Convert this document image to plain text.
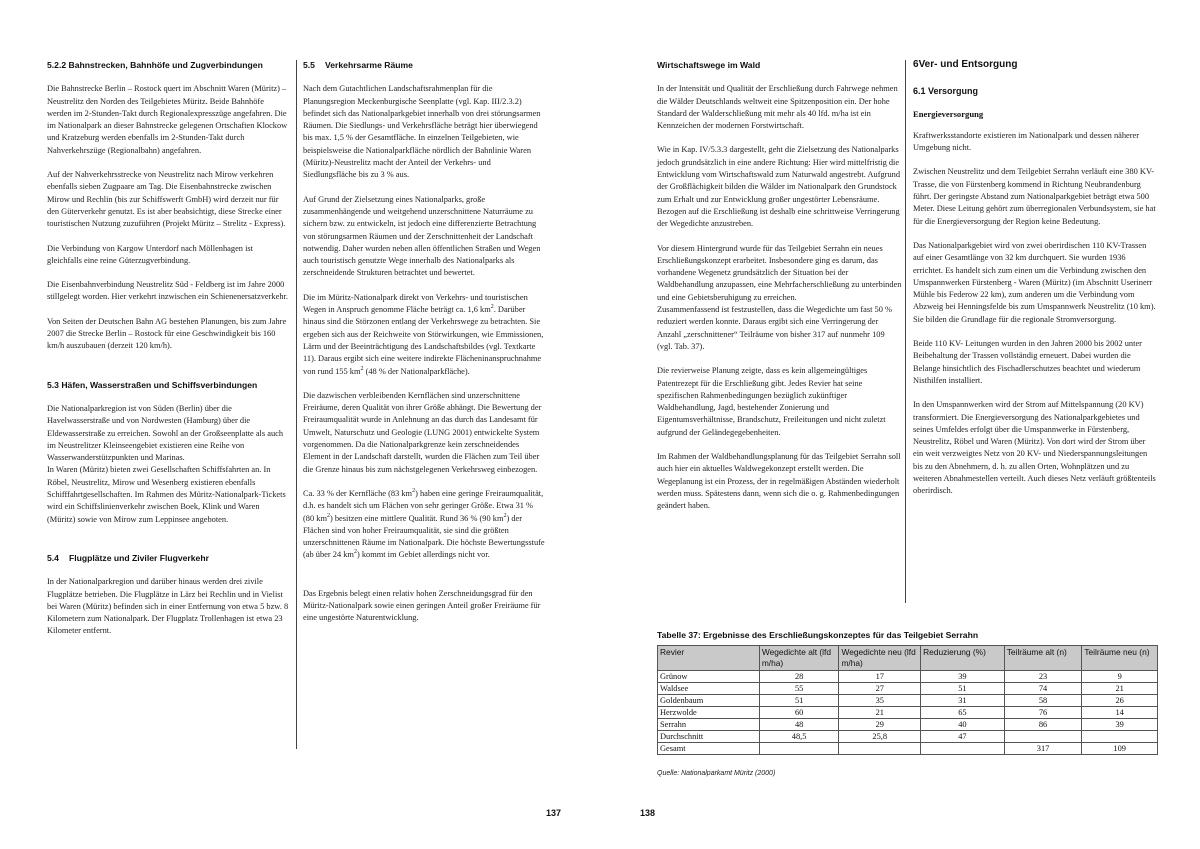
5.2.2 Bahnstrecken, Bahnhöfe und Zugverbindungen
Die Bahnstrecke Berlin – Rostock quert im Abschnitt Waren (Müritz) – Neustrelitz den Norden des Teilgebietes Müritz. Beide Bahnhöfe werden im 2-Stunden-Takt durch Regionalexpresszüge angefahren. Die im Nationalpark an dieser Bahnstrecke gelegenen Ortschaften Klockow und Kratzeburg werden ebenfalls im 2-Stunden-Takt durch Nahverkehrszüge (Regionalbahn) angefahren.
Auf der Nahverkehrsstrecke von Neustrelitz nach Mirow verkehren ebenfalls sieben Zugpaare am Tag. Die Eisenbahnstrecke zwischen Mirow und Rechlin (bis zur Schiffswerft GmbH) wird derzeit nur für den Güterverkehr genutzt. Es ist aber beabsichtigt, diese Strecke einer touristischen Nutzung zuzuführen (Projekt Müritz – Strelitz - Express).
Die Verbindung von Kargow Unterdorf nach Möllenhagen ist gleichfalls eine reine Güterzugverbindung.
Die Eisenbahnverbindung Neustrelitz Süd - Feldberg ist im Jahre 2000 stillgelegt worden. Hier verkehrt inzwischen ein Schienenersatzverkehr.
Von Seiten der Deutschen Bahn AG bestehen Planungen, bis zum Jahre 2007 die Strecke Berlin – Rostock für eine Geschwindigkeit bis 160 km/h auszubauen (derzeit 120 km/h).
5.3 Häfen, Wasserstraßen und Schiffsverbindungen
Die Nationalparkregion ist von Süden (Berlin) über die Havelwasserstraße und von Nordwesten (Hamburg) über die Eldewasserstraße zu erreichen. Sowohl an der Großseenplatte als auch im Neustrelitzer Kleinseengebiet existieren eine Reihe von Wasserwanderstützpunkten und Marinas.
In Waren (Müritz) bieten zwei Gesellschaften Schiffsfahrten an. In Röbel, Neustrelitz, Mirow und Wesenberg existieren ebenfalls Schifffahrtgesellschaften. Im Rahmen des Müritz-Nationalpark-Tickets wird ein Schiffslinienverkehr zwischen Boek, Klink und Waren (Müritz) sowie von Mirow zum Leppinsee angeboten.
5.4 Flugplätze und Ziviler Flugverkehr
In der Nationalparkregion und darüber hinaus werden drei zivile Flugplätze betrieben. Die Flugplätze in Lärz bei Rechlin und in Vielist bei Waren (Müritz) befinden sich in einer Entfernung von etwa 5 bzw. 8 Kilometern zum Nationalpark. Der Flugplatz Trollenhagen ist etwa 23 Kilometer entfernt.
5.5 Verkehrsarme Räume
Nach dem Gutachtlichen Landschaftsrahmenplan für die Planungsregion Meckenburgische Seenplatte (vgl. Kap. III/2.3.2) befindet sich das Nationalparkgebiet innerhalb von drei störungsarmen Räumen. Die Siedlungs- und Verkehrsfläche beträgt hier überwiegend bis max. 1,5 % der Gesamtfläche. In einzelnen Teilgebieten, wie beispielsweise die Nationalparkfläche nördlich der Bahnlinie Waren (Müritz)-Neustrelitz macht der Anteil der Verkehrs- und Siedlungsfläche bis zu 3 % aus.
Auf Grund der Zielsetzung eines Nationalparks, große zusammenhängende und weitgehend unzerschnittene Naturräume zu sichern bzw. zu entwickeln, ist jedoch eine differenzierte Betrachtung von störungsarmen Räumen und der Zerschnittenheit der Landschaft notwendig. Daher wurden neben allen öffentlichen Straßen und Wegen auch touristisch genutzte Wege innerhalb des Nationalparks als zerschneidende Strukturen betrachtet und bewertet.
Die im Müritz-Nationalpark direkt von Verkehrs- und touristischen Wegen in Anspruch genomme Fläche beträgt ca. 1,6 $km^2$. Darüber hinaus sind die Störzonen entlang der Verkehrswege zu betrachten. Sie ergeben sich aus der Reichweite von Störwirkungen, wie Emmissionen, Lärm und der Beeinträchtigung des Landschaftsbildes (vgl. Textkarte 11). Daraus ergibt sich eine weitere indirekte Flächeninanspruchnahme von rund 155 $km^2$ (48 % der Nationalparkfläche).
Die dazwischen verbleibenden Kernflächen sind unzerschnittene Freiräume, deren Qualität von ihrer Größe abhängt. Die Bewertung der Freiraumqualität wurde in Anlehnung an das durch das Landesamt für Umwelt, Naturschutz und Geologie (LUNG 2001) entwickelte System vorgenommen. Da die Nationalparkgrenze kein zerschneidendes Element in der Landschaft darstellt, wurden die Flächen zum Teil über die Grenze hinaus bis zum nächstgelegenen Verkehrsweg einbezogen.
Ca. 33 % der Kernfläche (83 $km^2$) haben eine geringe Freiraumqualität, d.h. es handelt sich um Flächen von sehr geringer Größe. Etwa 31 % (80 $km^2$) besitzen eine mittlere Qualität. Rund 36 % (90 $km^2$) der Flächen sind von hoher Freiraumqualität, sie sind die größten unzerschnittenen Räume im Nationalpark. Die höchste Bewertungsstufe (ab über 24 $km^2$) kommt im Gebiet allerdings nicht vor.
Das Ergebnis belegt einen relativ hohen Zerschneidungsgrad für den Müritz-Nationalpark sowie einen geringen Anteil großer Freiräume für eine ungestörte Naturentwicklung.
137
Wirtschaftswege im Wald
In der Intensität und Qualität der Erschließung durch Fahrwege nehmen die Wälder Deutschlands weltweit eine Spitzenposition ein. Der hohe Standard der Walderschließung mit mehr als 40 lfd. m/ha ist ein Kennzeichen der modernen Forstwirtschaft.
Wie in Kap. IV/5.3.3 dargestellt, geht die Zielsetzung des Nationalparks jedoch grundsätzlich in eine andere Richtung: Hier wird mittelfristig die Entwicklung vom Wirtschaftswald zum Naturwald angestrebt. Aufgrund der Großflächigkeit bilden die Wälder im Nationalpark den Grundstock zum Erhalt und zur Entwicklung großer ungestörter Lebensräume. Bezogen auf die Erschließung ist deshalb eine schrittweise Verringerung der Wegedichte anzustreben.
Vor diesem Hintergrund wurde für das Teilgebiet Serrahn ein neues Erschließungskonzept erarbeitet. Insbesondere ging es darum, das vorhandene Wegenetz grundsätzlich der Situation bei der Waldbehandlung anzupassen, eine Mehrfacherschließung zu unterbinden und eine Gebietsberuhigung zu erreichen.
Zusammenfassend ist festzustellen, dass die Wegedichte um fast 50 % reduziert werden konnte. Daraus ergibt sich eine Verringerung der Anzahl „zerschnittener“ Teilräume von bisher 317 auf nunmehr 109 (vgl. Tab. 37).
Die revierweise Planung zeigte, dass es kein allgemeingültiges Patentrezept für die Erschließung gibt. Jedes Revier hat seine spezifischen Rahmenbedingungen bezüglich zukünftiger Waldbehandlung, Jagd, bestehender Zonierung und Eigentumsverhältnisse, Brandschutz, Freileitungen und nicht zuletzt aufgrund der Geländegegebenheiten.
Im Rahmen der Waldbehandlungsplanung für das Teilgebiet Serrahn soll auch hier ein aktuelles Waldwegekonzept erstellt werden. Die Wegeplanung ist ein Prozess, der in regelmäßigen Abständen wiederholt werden muss. Spätestens dann, wenn sich die o. g. Rahmenbedingungen geändert haben.
6Ver- und Entsorgung
6.1 Versorgung
Energieversorgung
Kraftwerksstandorte existieren im Nationalpark und dessen näherer Umgebung nicht.
Zwischen Neustrelitz und dem Teilgebiet Serrahn verläuft eine 380 KV-Trasse, die von Fürstenberg kommend in Richtung Neubrandenburg führt. Der geringste Abstand zum Nationalparkgebiet beträgt etwa 500 Meter. Diese Leitung gehört zum überregionalen Verbundsystem, sie hat für die Energieversorgung der Region keine Bedeutung.
Das Nationalparkgebiet wird von zwei oberirdischen 110 KV-Trassen auf einer Gesamtlänge von 32 km durchquert. Sie wurden 1936 errichtet. Es handelt sich zum einen um die Verbindung zwischen den Umspannwerken Fürstenberg - Waren (Müritz) (im Abschnitt Userinerr Mühle bis Federow 22 km), zum anderen um die Verbindung vom Abzweig bei Henningsfelde bis zum Umspannwerk Neustrelitz (10 km). Sie bilden die Grundlage für die regionale Stromversorgung.
Beide 110 KV- Leitungen wurden in den Jahren 2000 bis 2002 unter Beibehaltung der Trassen vollständig erneuert. Dabei wurden die Belange hinsichtlich des Fischadlerschutzes beachtet und wiederum Nisthilfen installiert.
In den Umspannwerken wird der Strom auf Mittelspannung (20 KV) transformiert. Die Energieversorgung des Nationalparkgebietes und seines Umfeldes erfolgt über die Umspannwerke in Fürstenberg, Neustrelitz, Röbel und Waren (Müritz). Von dort wird der Strom über ein weit verzweigtes Netz von 20 KV- und Niederspannungsleitungen bis zu den Abnehmern, d. h. zu allen Orten, Wohnplätzen und zu weiteren Abnahmestellen verteilt. Auch dieses Netz verläuft größtenteils oberirdisch.
Tabelle 37: Ergebnisse des Erschließungskonzeptes für das Teilgebiet Serrahn
Revier	Wegedichte alt (lfd m/ha)	Wegedichte neu (lfd m/ha)	Reduzierung (%)	Teilräume alt (n)	Teilräume neu (n)
Grünow	28	17	39	23	9
Waldsee	55	27	51	74	21
Goldenbaum	51	35	31	58	26
Herzwolde	60	21	65	76	14
Serrahn	48	29	40	86	39
Durchschnitt	48,5	25,8	47		
Gesamt				317	109
Quelle: Nationalparkamt Müritz (2000)
138
